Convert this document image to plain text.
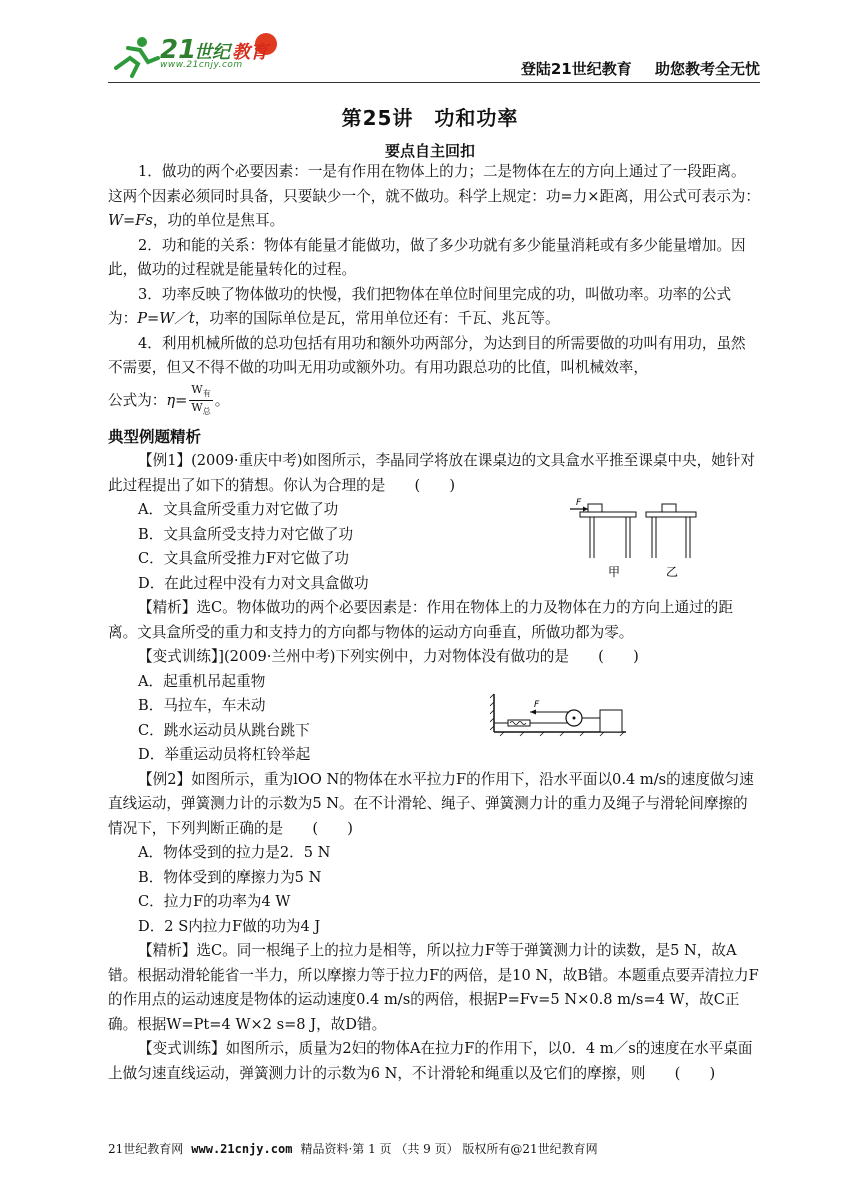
21
世纪 教育
www.21cnjy.com	登陆21世纪教育 助您教考全无忧
第25讲　功和功率
要点自主回扣

1．做功的两个必要因素：一是有作用在物体上的力；二是物体在左的方向上通过了一段距离。这两个因素必须同时具备，只要缺少一个，就不做功。科学上规定：功=力×距离，用公式可表示为：W=Fs，功的单位是焦耳。

2．功和能的关系：物体有能量才能做功，做了多少功就有多少能量消耗或有多少能量增加。因此，做功的过程就是能量转化的过程。

3．功率反映了物体做功的快慢，我们把物体在单位时间里完成的功，叫做功率。功率的公式为：P=W／t，功率的国际单位是瓦，常用单位还有：千瓦、兆瓦等。

4．利用机械所做的总功包括有用功和额外功两部分，为达到目的所需要做的功叫有用功，虽然不需要，但又不得不做的功叫无用功或额外功。有用功跟总功的比值，叫机械效率，

公式为：$\eta= \frac{W_有}{W_总}$ 。

典型例题精析

【例1】(2009·重庆中考)如图所示，李晶同学将放在课桌边的文具盒水平推至课桌中央，她针对此过程提出了如下的猜想。你认为合理的是　　(　　)

A．文具盒所受重力对它做了功

B．文具盒所受支持力对它做了功

C．文具盒所受推力F对它做了功

D．在此过程中没有力对文具盒做功

【精析】选C。物体做功的两个必要因素是：作用在物体上的力及物体在力的方向上通过的距离。文具盒所受的重力和支持力的方向都与物体的运动方向垂直，所做功都为零。

【变式训练】](2009·兰州中考)下列实例中，力对物体没有做功的是　　(　　)

A．起重机吊起重物

B．马拉车，车未动

C．跳水运动员从跳台跳下

D．举重运动员将杠铃举起

【例2】如图所示，重为lOO N的物体在水平拉力F的作用下，沿水平面以0.4 m/s的速度做匀速直线运动，弹簧测力计的示数为5 N。在不计滑轮、绳子、弹簧测力计的重力及绳子与滑轮间摩擦的情况下，下列判断正确的是　　(　　)

A．物体受到的拉力是2．5 N

B．物体受到的摩擦力为5 N

C．拉力F的功率为4 W

D．2 S内拉力F做的功为4 J

【精析】选C。同一根绳子上的拉力是相等，所以拉力F等于弹簧测力计的读数，是5 N，故A错。根据动滑轮能省一半力，所以摩擦力等于拉力F的两倍，是10 N，故B错。本题重点要弄清拉力F的作用点的运动速度是物体的运动速度0.4 m/s的两倍，根据P=Fv=5 N×0.8 m/s=4 W，故C正确。根据W=Pt=4 W×2 s=8 J，故D错。

【变式训练】如图所示，质量为2妇的物体A在拉力F的作用下，以0．4 m／s的速度在水平桌面上做匀速直线运动，弹簧测力计的示数为6 N，不计滑轮和绳重以及它们的摩擦，则　　(　　)

F
甲	乙
F
21世纪教育网 www.21cnjy.com 精品资料·第 1 页 （共 9 页） 版权所有@21世纪教育网
